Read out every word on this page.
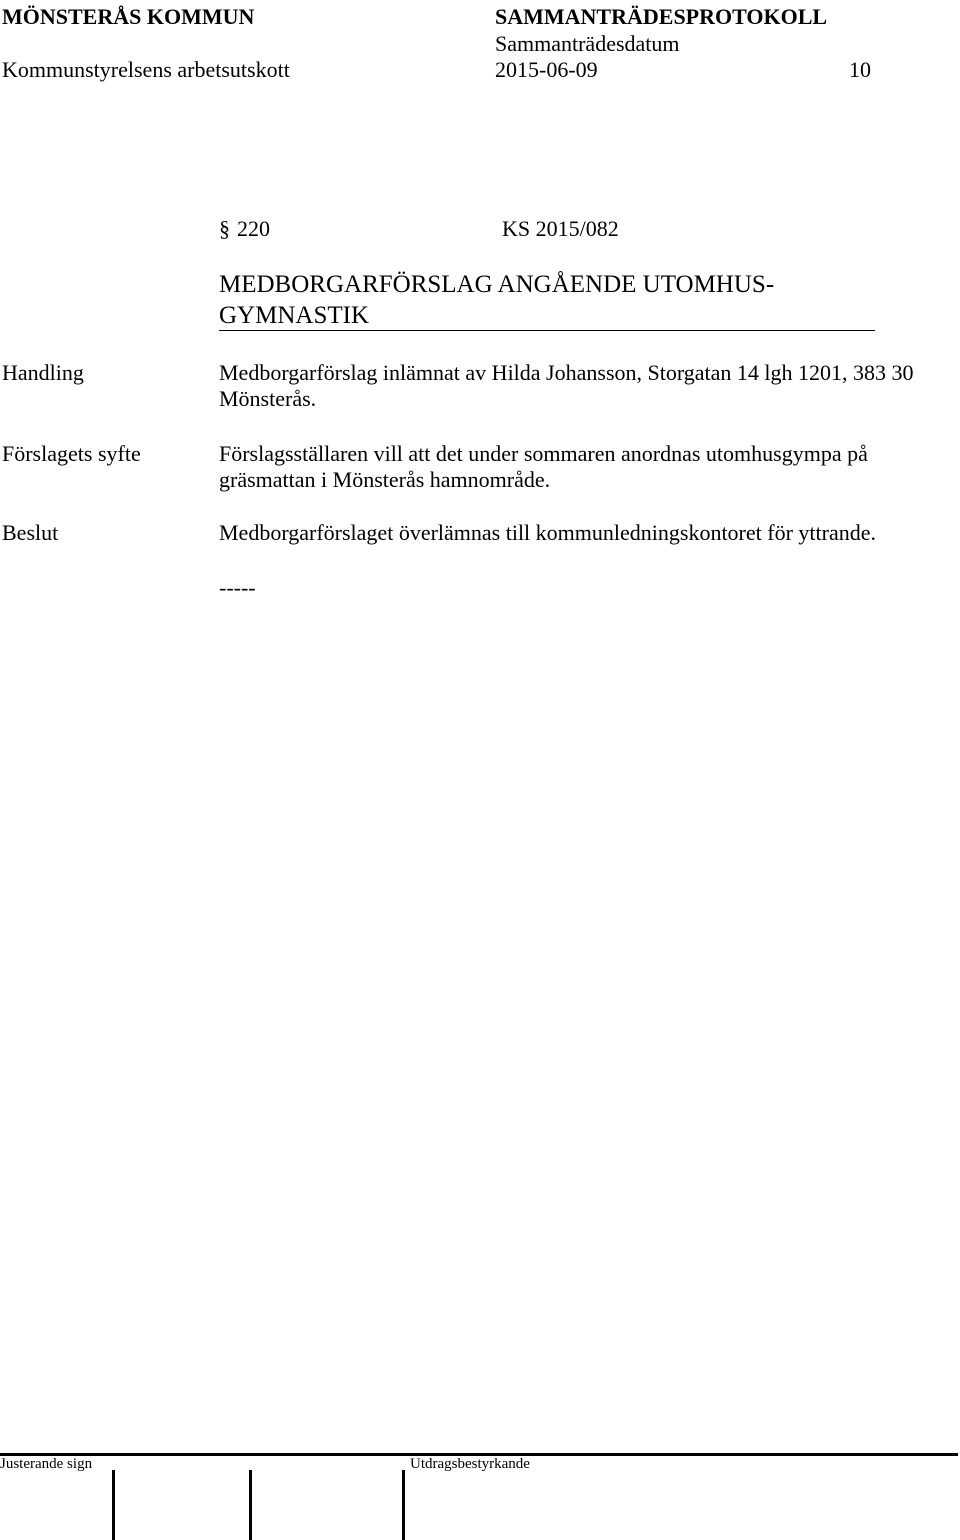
MÖNSTERÅS KOMMUN	SAMMANTRÄDESPROTOKOLL
Sammanträdesdatum
Kommunstyrelsens arbetsutskott	2015-06-09	10
§ 220	KS 2015/082
MEDBORGARFÖRSLAG ANGÅENDE UTOMHUS-GYMNASTIK
Handling	Medborgarförslag inlämnat av Hilda Johansson, Storgatan 14 lgh 1201, 383 30 Mönsterås.
Förslagets syfte	Förslagsställaren vill att det under sommaren anordnas utomhusgympa på gräsmattan i Mönsterås hamnområde.
Beslut	Medborgarförslaget överlämnas till kommunledningskontoret för yttrande.
-----
Justerande sign	Utdragsbestyrkande
